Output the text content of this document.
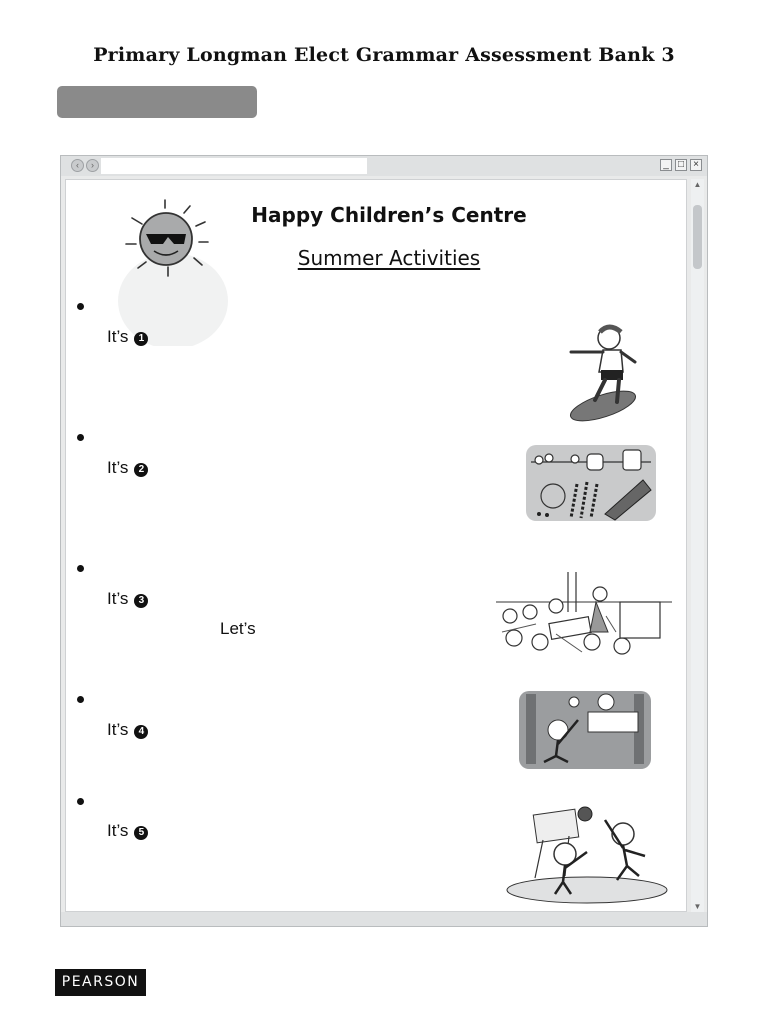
Primary Longman Elect Grammar Assessment Bank 3
‹	›	_ □ ×
▲
▼
Happy Children’s Centre
Summer Activities
It’s 1
It’s 2
It’s 3
Let’s
It’s 4
It’s 5
PEARSON
